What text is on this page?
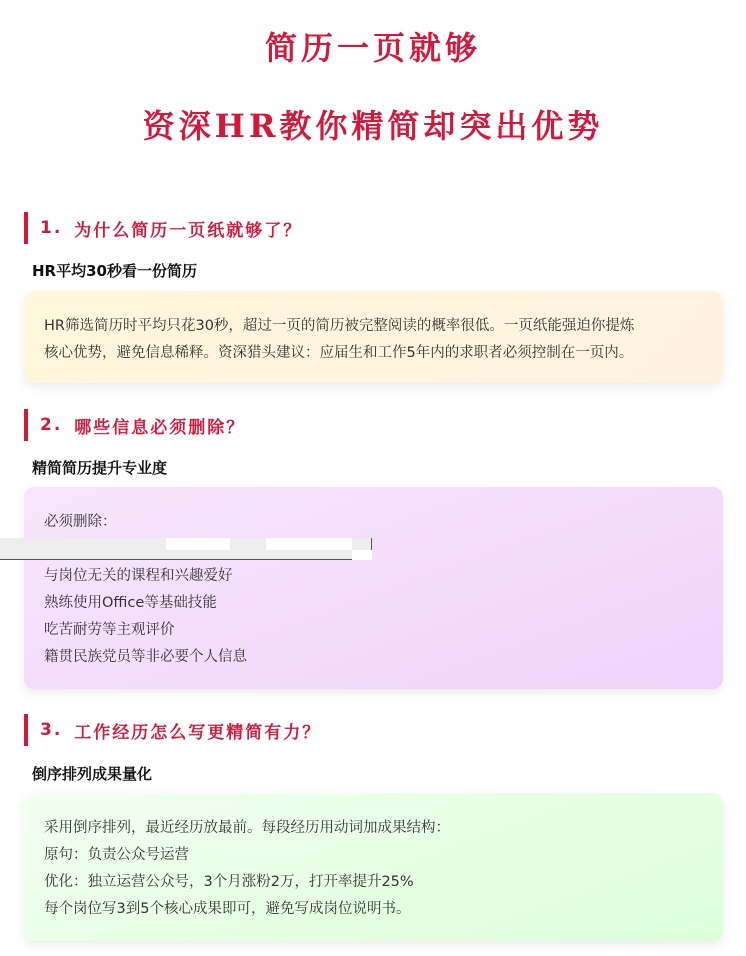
简历一页就够
资深HR教你精简却突出优势
1. 为什么简历一页纸就够了？
HR平均30秒看一份简历
HR筛选简历时平均只花30秒，超过一页的简历被完整阅读的概率很低。一页纸能强迫你提炼
核心优势，避免信息稀释。资深猎头建议：应届生和工作5年内的求职者必须控制在一页内。
2. 哪些信息必须删除？
精简简历提升专业度
必须删除：
与岗位无关的课程和兴趣爱好
熟练使用Office等基础技能
吃苦耐劳等主观评价
籍贯民族党员等非必要个人信息
3. 工作经历怎么写更精简有力？
倒序排列成果量化
采用倒序排列，最近经历放最前。每段经历用动词加成果结构：
原句：负责公众号运营
优化：独立运营公众号，3个月涨粉2万，打开率提升25%
每个岗位写3到5个核心成果即可，避免写成岗位说明书。
